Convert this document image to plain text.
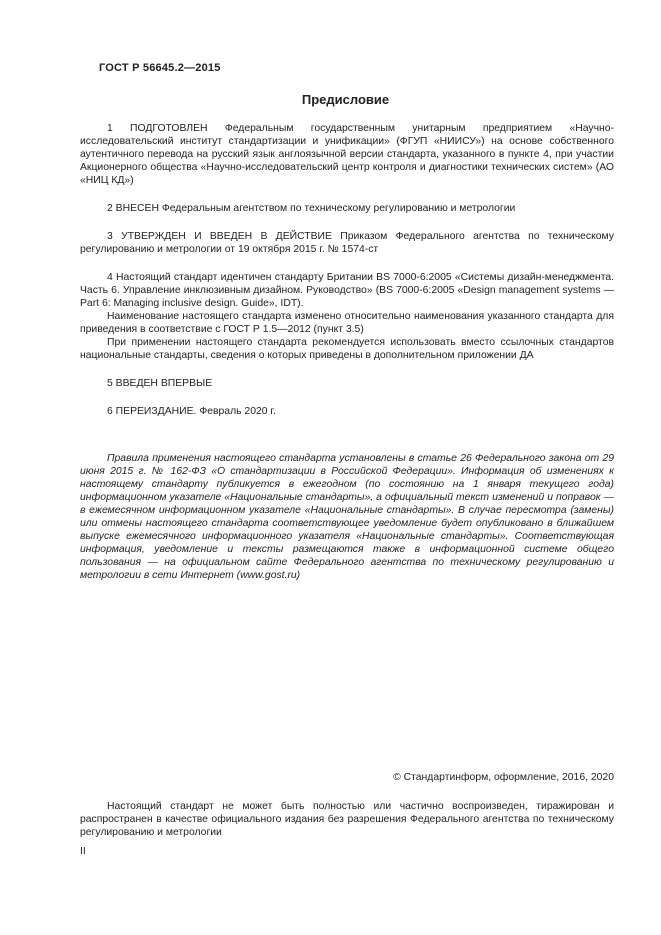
ГОСТ Р 56645.2—2015
Предисловие

1 ПОДГОТОВЛЕН Федеральным государственным унитарным предприятием «Научно-исследовательский институт стандартизации и унификации» (ФГУП «НИИСУ») на основе собственного аутентичного перевода на русский язык англоязычной версии стандарта, указанного в пункте 4, при участии Акционерного общества «Научно-исследовательский центр контроля и диагностики технических систем» (АО «НИЦ КД»)

2 ВНЕСЕН Федеральным агентством по техническому регулированию и метрологии

3 УТВЕРЖДЕН И ВВЕДЕН В ДЕЙСТВИЕ Приказом Федерального агентства по техническому регулированию и метрологии от 19 октября 2015 г. № 1574-ст

4 Настоящий стандарт идентичен стандарту Британии BS 7000-6:2005 «Системы дизайн-менеджмента. Часть 6. Управление инклюзивным дизайном. Руководство» (BS 7000-6:2005 «Design management systems — Part 6: Managing inclusive design. Guide», IDT).

Наименование настоящего стандарта изменено относительно наименования указанного стандарта для приведения в соответствие с ГОСТ Р 1.5—2012 (пункт 3.5)

При применении настоящего стандарта рекомендуется использовать вместо ссылочных стандартов национальные стандарты, сведения о которых приведены в дополнительном приложении ДА

5 ВВЕДЕН ВПЕРВЫЕ

6 ПЕРЕИЗДАНИЕ. Февраль 2020 г.

Правила применения настоящего стандарта установлены в статье 26 Федерального закона от 29 июня 2015 г. № 162-ФЗ «О стандартизации в Российской Федерации». Информация об изменениях к настоящему стандарту публикуется в ежегодном (по состоянию на 1 января текущего года) информационном указателе «Национальные стандарты», а официальный текст изменений и поправок — в ежемесячном информационном указателе «Национальные стандарты». В случае пересмотра (замены) или отмены настоящего стандарта соответствующее уведомление будет опубликовано в ближайшем выпуске ежемесячного информационного указателя «Национальные стандарты». Соответствующая информация, уведомление и тексты размещаются также в информационной системе общего пользования — на официальном сайте Федерального агентства по техническому регулированию и метрологии в сети Интернет (www.gost.ru)

© Стандартинформ, оформление, 2016, 2020

Настоящий стандарт не может быть полностью или частично воспроизведен, тиражирован и распространен в качестве официального издания без разрешения Федерального агентства по техническому регулированию и метрологии

II
